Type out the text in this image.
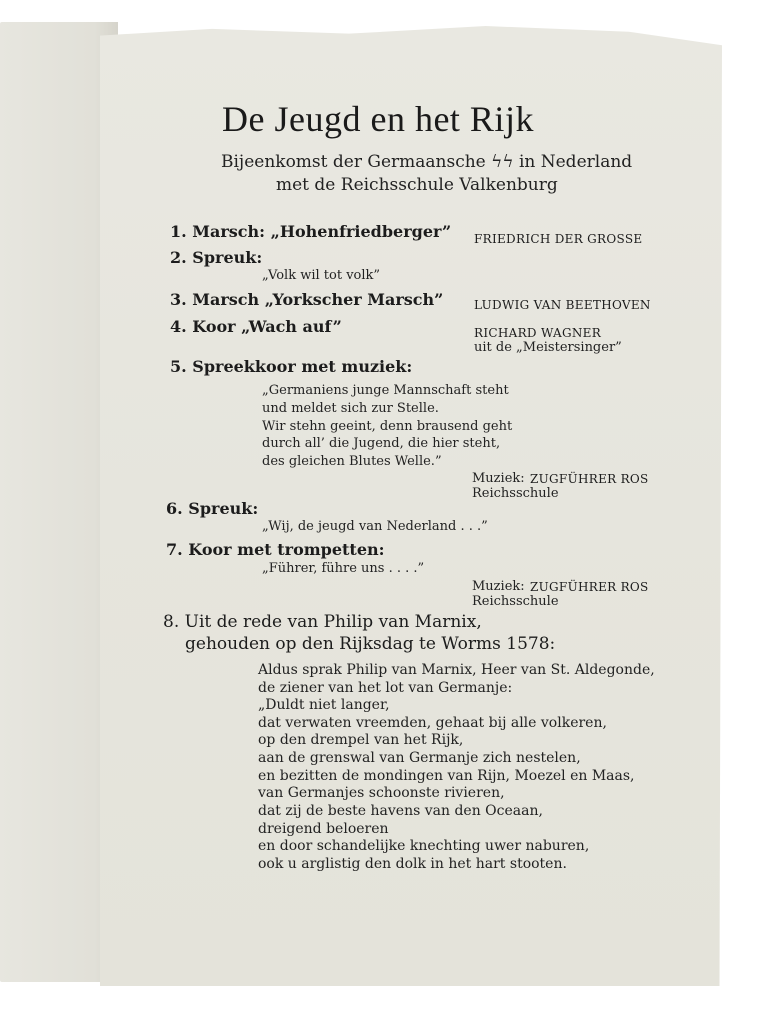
De Jeugd en het Rijk
Bijeenkomst der Germaansche ϟϟ in Nederland
met de Reichsschule Valkenburg
1. Marsch: „Hohenfriedberger” FRIEDRICH DER GROSSE
2. Spreuk:
„Volk wil tot volk”
3. Marsch „Yorkscher Marsch”	LUDWIG VAN BEETHOVEN
4. Koor „Wach auf”	RICHARD WAGNER
uit de „Meistersinger”
5. Spreekkoor met muziek:
„Germaniens junge Mannschaft steht
und meldet sich zur Stelle.
Wir stehn geeint, denn brausend geht
durch all’ die Jugend, die hier steht,
des gleichen Blutes Welle.”
Muziek: ZUGFÜHRER ROS
Reichsschule
6. Spreuk:
„Wij, de jeugd van Nederland . . .”
7. Koor met trompetten:
„Führer, führe uns . . . .”
Muziek: ZUGFÜHRER ROS
Reichsschule
8. Uit de rede van Philip van Marnix,
gehouden op den Rijksdag te Worms 1578:
Aldus sprak Philip van Marnix, Heer van St. Aldegonde,
de ziener van het lot van Germanje:
„Duldt niet langer,
dat verwaten vreemden, gehaat bij alle volkeren,
op den drempel van het Rijk,
aan de grenswal van Germanje zich nestelen,
en bezitten de mondingen van Rijn, Moezel en Maas,
van Germanjes schoonste rivieren,
dat zij de beste havens van den Oceaan,
dreigend beloeren
en door schandelijke knechting uwer naburen,
ook u arglistig den dolk in het hart stooten.
